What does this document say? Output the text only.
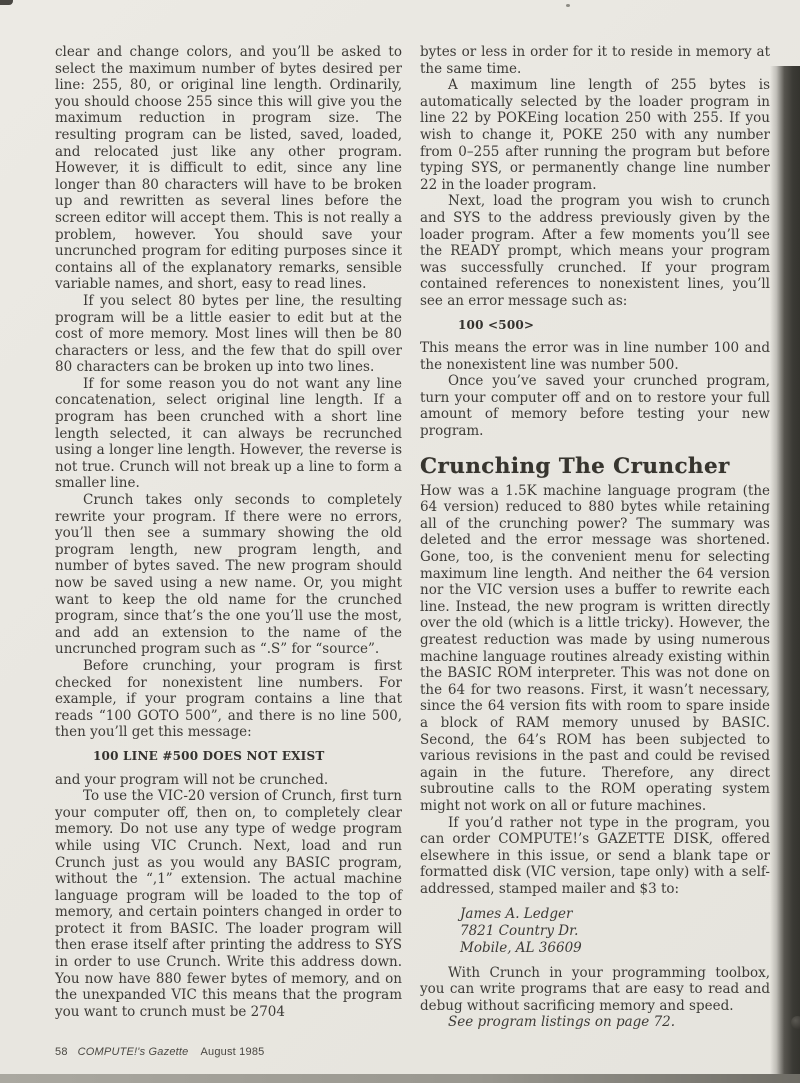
clear and change colors, and you’ll be asked to select the maximum number of bytes desired per line: 255, 80, or original line length. Ordinarily, you should choose 255 since this will give you the maximum reduction in program size. The resulting program can be listed, saved, loaded, and relocated just like any other program. However, it is difficult to edit, since any line longer than 80 characters will have to be broken up and rewritten as several lines before the screen editor will accept them. This is not really a problem, however. You should save your uncrunched program for editing purposes since it contains all of the explanatory remarks, sensible variable names, and short, easy to read lines.

If you select 80 bytes per line, the resulting program will be a little easier to edit but at the cost of more memory. Most lines will then be 80 characters or less, and the few that do spill over 80 characters can be broken up into two lines.

If for some reason you do not want any line concatenation, select original line length. If a program has been crunched with a short line length selected, it can always be recrunched using a longer line length. However, the reverse is not true. Crunch will not break up a line to form a smaller line.

Crunch takes only seconds to completely rewrite your program. If there were no errors, you’ll then see a summary showing the old program length, new program length, and number of bytes saved. The new program should now be saved using a new name. Or, you might want to keep the old name for the crunched program, since that’s the one you’ll use the most, and add an extension to the name of the uncrunched program such as “.S” for “source”.

Before crunching, your program is first checked for nonexistent line numbers. For example, if your program contains a line that reads “100 GOTO 500”, and there is no line 500, then you’ll get this message:

100 LINE #500 DOES NOT EXIST

and your program will not be crunched.

To use the VIC-20 version of Crunch, first turn your computer off, then on, to completely clear memory. Do not use any type of wedge program while using VIC Crunch. Next, load and run Crunch just as you would any BASIC program, without the “,1” extension. The actual machine language program will be loaded to the top of memory, and certain pointers changed in order to protect it from BASIC. The loader program will then erase itself after printing the address to SYS in order to use Crunch. Write this address down. You now have 880 fewer bytes of memory, and on the unexpanded VIC this means that the program you want to crunch must be 2704

bytes or less in order for it to reside in memory at the same time.

A maximum line length of 255 bytes is automatically selected by the loader program in line 22 by POKEing location 250 with 255. If you wish to change it, POKE 250 with any number from 0–255 after running the program but before typing SYS, or permanently change line number 22 in the loader program.

Next, load the program you wish to crunch and SYS to the address previously given by the loader program. After a few moments you’ll see the READY prompt, which means your program was successfully crunched. If your program contained references to nonexistent lines, you’ll see an error message such as:

100 <500>

This means the error was in line number 100 and the nonexistent line was number 500.

Once you’ve saved your crunched program, turn your computer off and on to restore your full amount of memory before testing your new program.

Crunching The Cruncher

How was a 1.5K machine language program (the 64 version) reduced to 880 bytes while retaining all of the crunching power? The summary was deleted and the error message was shortened. Gone, too, is the convenient menu for selecting maximum line length. And neither the 64 version nor the VIC version uses a buffer to rewrite each line. Instead, the new program is written directly over the old (which is a little tricky). However, the greatest reduction was made by using numerous machine language routines already existing within the BASIC ROM interpreter. This was not done on the 64 for two reasons. First, it wasn’t necessary, since the 64 version fits with room to spare inside a block of RAM memory unused by BASIC. Second, the 64’s ROM has been subjected to various revisions in the past and could be revised again in the future. Therefore, any direct subroutine calls to the ROM operating system might not work on all or future machines.

If you’d rather not type in the program, you can order COMPUTE!’s GAZETTE DISK, offered elsewhere in this issue, or send a blank tape or formatted disk (VIC version, tape only) with a self-addressed, stamped mailer and $3 to:

James A. Ledger
7821 Country Dr.
Mobile, AL 36609

With Crunch in your programming toolbox, you can write programs that are easy to read and debug without sacrificing memory and speed.

See program listings on page 72.

58 COMPUTE!'s Gazette August 1985
